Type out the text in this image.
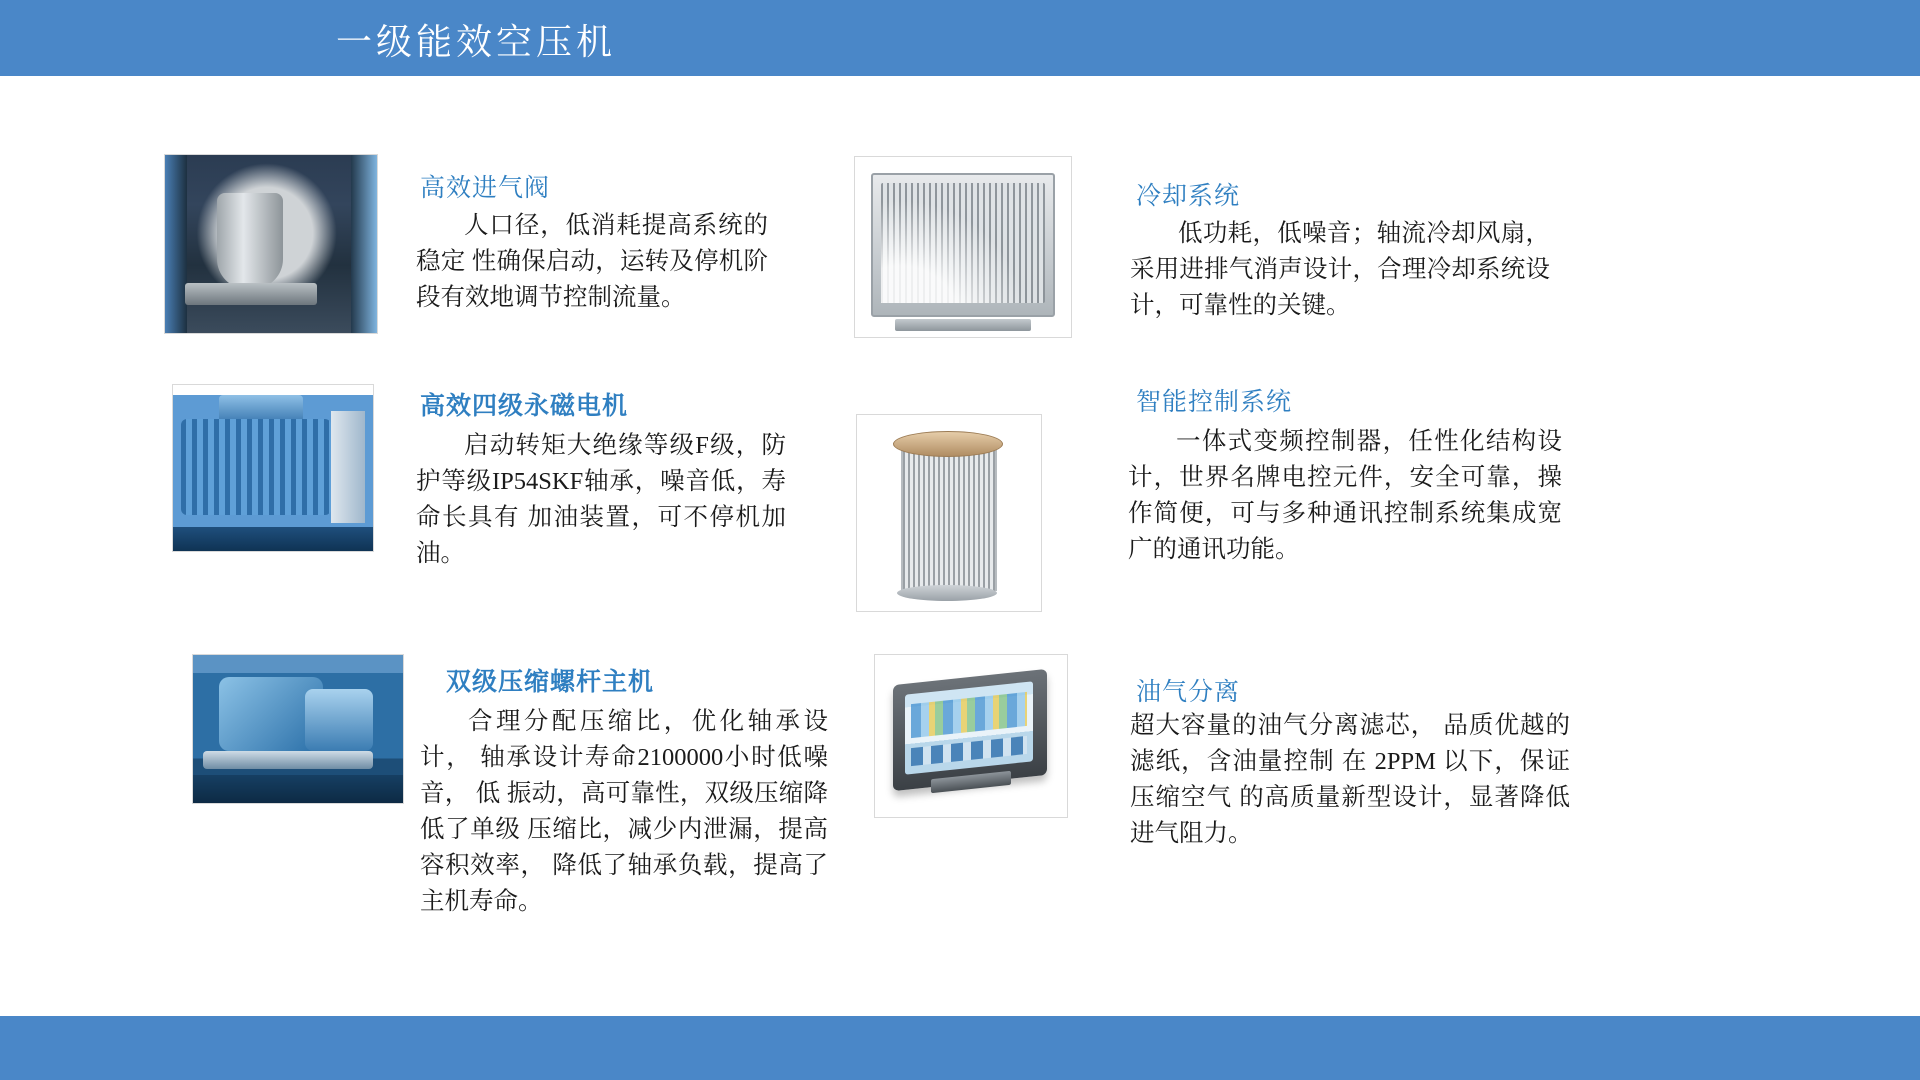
一级能效空压机
高效进气阀
人口径，低消耗提高系统的稳定 性确保启动，运转及停机阶段有效地调节控制流量。
冷却系统
低功耗，低噪音；轴流冷却风扇，采用进排气消声设计，合理冷却系统设计，可靠性的关键。
高效四级永磁电机
启动转矩大绝缘等级F级，防护等级IP54SKF轴承，噪音低，寿命长具有 加油装置，可不停机加油。
智能控制系统
一体式变频控制器，任性化结构设计，世界名牌电控元件，安全可靠，操作简便，可与多种通讯控制系统集成宽广的通讯功能。
双级压缩螺杆主机
合理分配压缩比，优化轴承设计， 轴承设计寿命2100000小时低噪音， 低 振动，高可靠性，双级压缩降低了单级 压缩比，减少内泄漏，提高容积效率， 降低了轴承负载，提高了主机寿命。
油气分离
超大容量的油气分离滤芯， 品质优越的滤纸，含油量控制 在 2PPM 以下，保证压缩空气 的高质量新型设计，显著降低 进气阻力。
